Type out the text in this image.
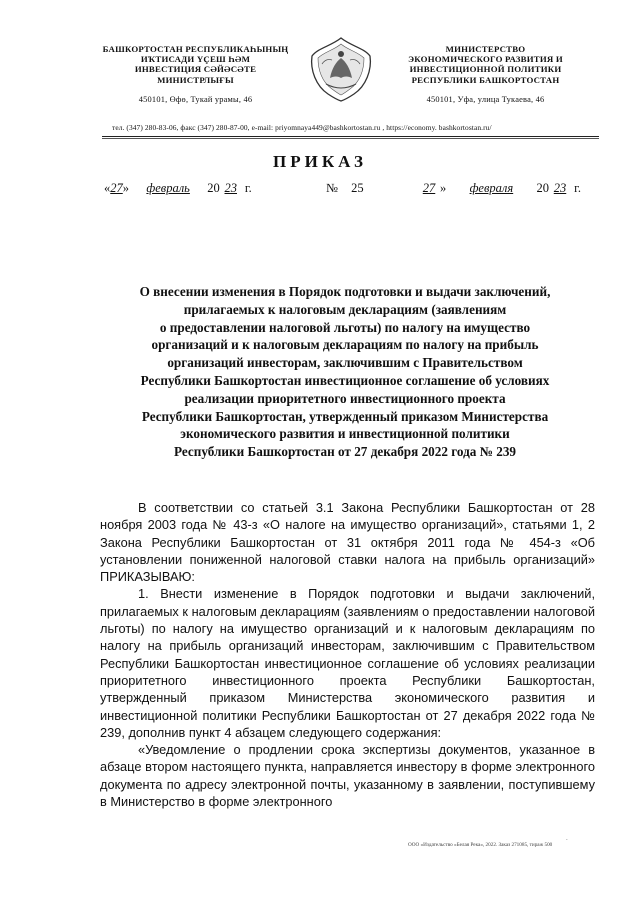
БАШКОРТОСТАН РЕСПУБЛИКАҺЫНЫҢ
ИҠТИСАДИ ҮҪЕШ ҺӘМ
ИНВЕСТИЦИЯ СӘЙӘСӘТЕ
МИНИСТРЛЫҒЫ
450101, Өфө, Тукай урамы, 46
МИНИСТЕРСТВО
ЭКОНОМИЧЕСКОГО РАЗВИТИЯ И
ИНВЕСТИЦИОННОЙ ПОЛИТИКИ
РЕСПУБЛИКИ БАШКОРТОСТАН
450101, Уфа, улица Тукаева, 46
тел. (347) 280-83-06, факс (347) 280-87-00, e-mail: priyomnaya449@bashkortostan.ru , https://economy. bashkortostan.ru/
ПРИКАЗ
«27» февраль 20 23 г.	№ 25	27 » февраля 20 23 г.
О внесении изменения в Порядок подготовки и выдачи заключений,
прилагаемых к налоговым декларациям (заявлениям
о предоставлении налоговой льготы) по налогу на имущество
организаций и к налоговым декларациям по налогу на прибыль
организаций инвесторам, заключившим с Правительством
Республики Башкортостан инвестиционное соглашение об условиях
реализации приоритетного инвестиционного проекта
Республики Башкортостан, утвержденный приказом Министерства
экономического развития и инвестиционной политики
Республики Башкортостан от 27 декабря 2022 года № 239

В соответствии со статьей 3.1 Закона Республики Башкортостан от 28 ноября 2003 года № 43-з «О налоге на имущество организаций», статьями 1, 2 Закона Республики Башкортостан от 31 октября 2011 года № 454-з «Об установлении пониженной налоговой ставки налога на прибыль организаций» ПРИКАЗЫВАЮ:

1. Внести изменение в Порядок подготовки и выдачи заключений, прилагаемых к налоговым декларациям (заявлениям о предоставлении налоговой льготы) по налогу на имущество организаций и к налоговым декларациям по налогу на прибыль организаций инвесторам, заключившим с Правительством Республики Башкортостан инвестиционное соглашение об условиях реализации приоритетного инвестиционного проекта Республики Башкортостан, утвержденный приказом Министерства экономического развития и инвестиционной политики Республики Башкортостан от 27 декабря 2022 года № 239, дополнив пункт 4 абзацем следующего содержания:

«Уведомление о продлении срока экспертизы документов, указанное в абзаце втором настоящего пункта, направляется инвестору в форме электронного документа по адресу электронной почты, указанному в заявлении, поступившему в Министерство в форме электронного

.
ООО «Издательство «Белая Река», 2022. Заказ 271085, тираж 500
